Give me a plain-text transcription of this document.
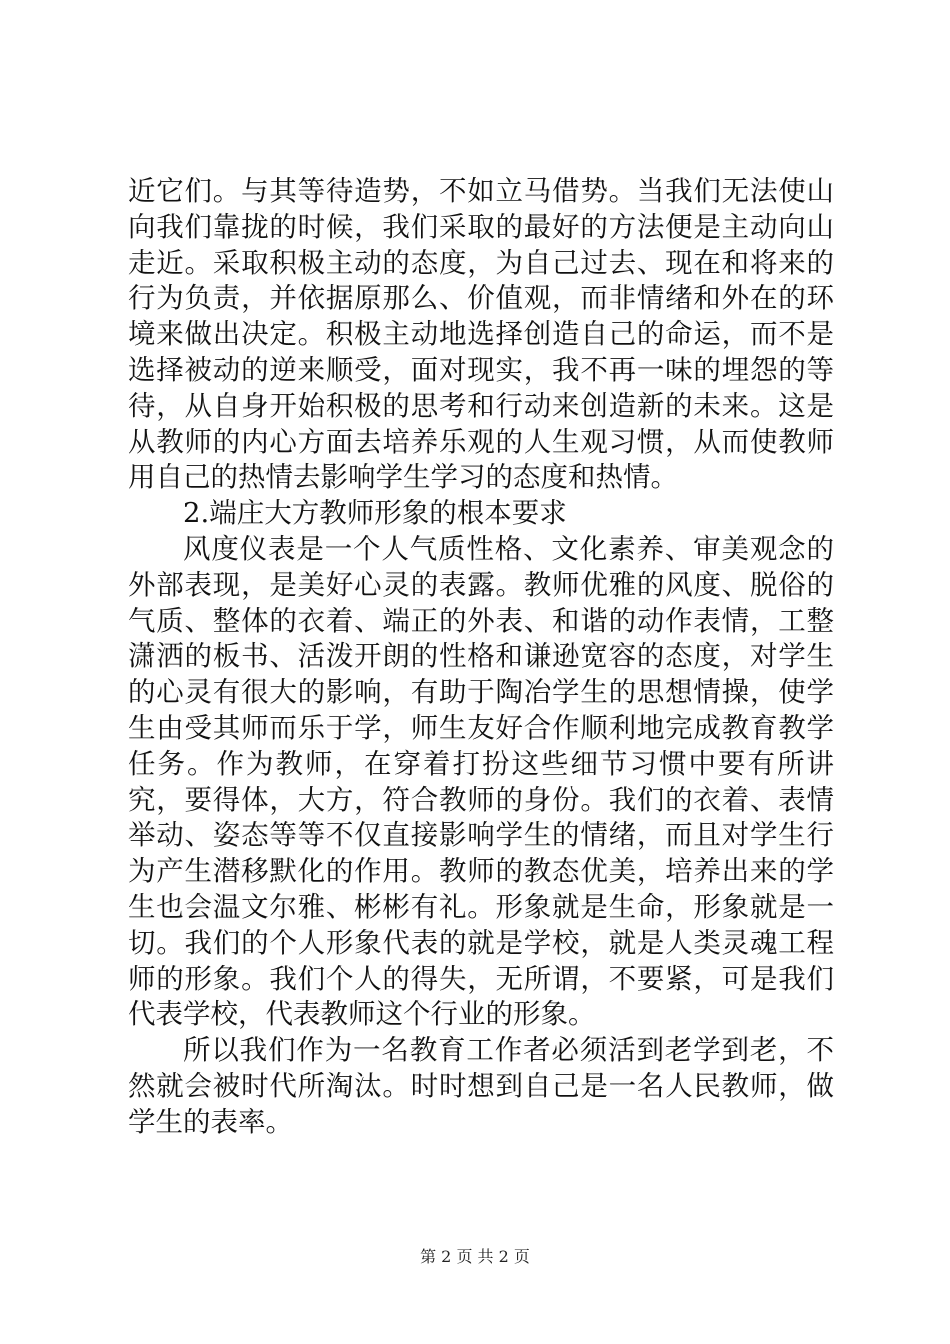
近它们。与其等待造势，不如立马借势。当我们无法使山向我们靠拢的时候，我们采取的最好的方法便是主动向山走近。采取积极主动的态度，为自己过去、现在和将来的行为负责，并依据原那么、价值观，而非情绪和外在的环境来做出决定。积极主动地选择创造自己的命运，而不是选择被动的逆来顺受，面对现实，我不再一味的埋怨的等待，从自身开始积极的思考和行动来创造新的未来。这是从教师的内心方面去培养乐观的人生观习惯，从而使教师用自己的热情去影响学生学习的态度和热情。

2.端庄大方教师形象的根本要求

风度仪表是一个人气质性格、文化素养、审美观念的外部表现，是美好心灵的表露。教师优雅的风度、脱俗的气质、整体的衣着、端正的外表、和谐的动作表情，工整潇洒的板书、活泼开朗的性格和谦逊宽容的态度，对学生的心灵有很大的影响，有助于陶冶学生的思想情操，使学生由受其师而乐于学，师生友好合作顺利地完成教育教学任务。作为教师，在穿着打扮这些细节习惯中要有所讲究，要得体，大方，符合教师的身份。我们的衣着、表情举动、姿态等等不仅直接影响学生的情绪，而且对学生行为产生潜移默化的作用。教师的教态优美，培养出来的学生也会温文尔雅、彬彬有礼。形象就是生命，形象就是一切。我们的个人形象代表的就是学校，就是人类灵魂工程师的形象。我们个人的得失，无所谓，不要紧，可是我们代表学校，代表教师这个行业的形象。

所以我们作为一名教育工作者必须活到老学到老，不然就会被时代所淘汰。时时想到自己是一名人民教师，做学生的表率。

第 2 页 共 2 页
